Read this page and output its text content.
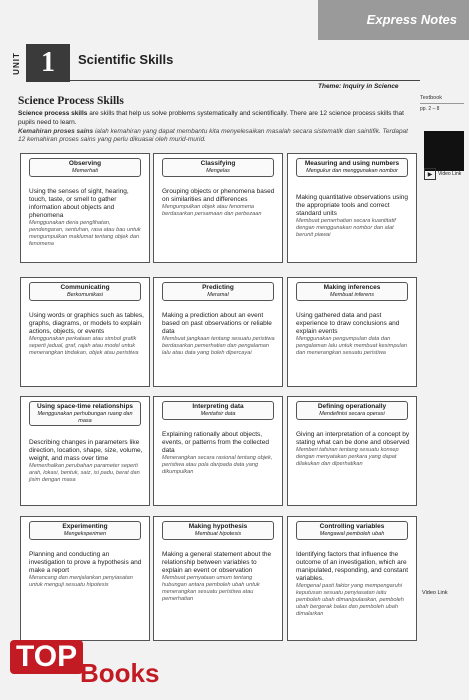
Express Notes
UNIT 1	Scientific Skills
Theme: Inquiry in Science
Science Process Skills

Science process skills are skills that help us solve problems systematically and scientifically. There are 12 science process skills that pupils need to learn.

Kemahiran proses sains ialah kemahiran yang dapat membantu kita menyelesaikan masalah secara sistematik dan saintifik. Terdapat 12 kemahiran proses sains yang perlu dikuasai oleh murid-murid.

Textbook
pp. 2 – 8
▶	Video Link
Video Link
Observing
Memerhati

Using the senses of sight, hearing, touch, taste, or smell to gather information about objects and phenomena

Menggunakan deria penglihatan, pendengaran, sentuhan, rasa atau bau untuk mengumpulkan maklumat tentang objek dan fenomena

Classifying
Mengelas

Grouping objects or phenomena based on similarities and differences

Mengumpulkan objek atau fenomena berdasarkan persamaan dan perbezaan

Measuring and using numbers
Mengukur dan menggunakan nombor

Making quantitative observations using the appropriate tools and correct standard units

Membuat pemerhatian secara kuantitatif dengan menggunakan nombor dan alat berunit piawai

Communicating
Berkomunikasi

Using words or graphics such as tables, graphs, diagrams, or models to explain actions, objects, or events

Menggunakan perkataan atau simbol grafik seperti jadual, graf, rajah atau model untuk menerangkan tindakan, objek atau peristiwa

Predicting
Meramal

Making a prediction about an event based on past observations or reliable data

Membuat jangkaan tentang sesuatu peristiwa berdasarkan pemerhatian dan pengalaman lalu atau data yang boleh dipercayai

Making inferences
Membuat inferens

Using gathered data and past experience to draw conclusions and explain events

Menggunakan pengumpulan data dan pengalaman lalu untuk membuat kesimpulan dan menerangkan sesuatu peristiwa

Using space-time relationships
Menggunakan perhubungan ruang dan masa

Describing changes in parameters like direction, location, shape, size, volume, weight, and mass over time

Memerihalkan perubahan parameter seperti arah, lokasi, bentuk, saiz, isi padu, berat dan jisim dengan masa

Interpreting data
Mentafsir data

Explaining rationally about objects, events, or patterns from the collected data

Menerangkan secara rasional tentang objek, peristiwa atau pola daripada data yang dikumpulkan

Defining operationally
Mendefinisi secara operasi

Giving an interpretation of a concept by stating what can be done and observed

Memberi tafsiran tentang sesuatu konsep dengan menyatakan perkara yang dapat dilakukan dan diperhatikan

Experimenting
Mengeksperimen

Planning and conducting an investigation to prove a hypothesis and make a report

Merancang dan menjalankan penyiasatan untuk menguji sesuatu hipotesis

Making hypothesis
Membuat hipotesis

Making a general statement about the relationship between variables to explain an event or observation

Membuat pernyataan umum tentang hubungan antara pemboleh ubah untuk menerangkan sesuatu peristiwa atau pemerhatian

Controlling variables
Mengawal pemboleh ubah

Identifying factors that influence the outcome of an investigation, which are manipulated, responding, and constant variables.

Mengenal pasti faktor yang mempengaruhi keputusan sesuatu penyiasatan iaitu pemboleh ubah dimanipulasikan, pemboleh ubah bergerak balas dan pemboleh ubah dimalarkan

TOP Books
